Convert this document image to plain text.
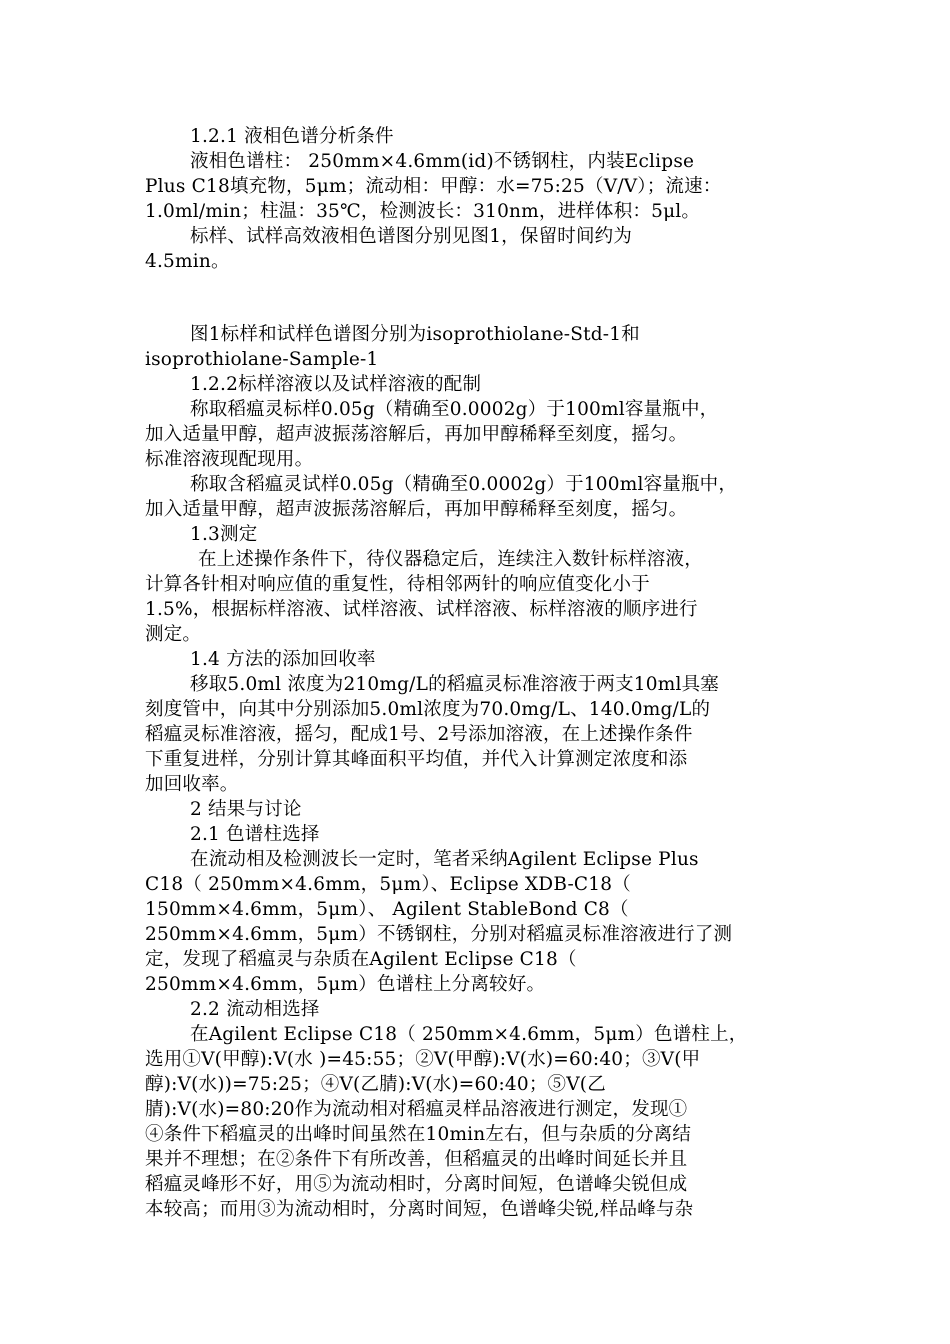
1.2.1 液相色谱分析条件
液相色谱柱： 250mm×4.6mm(id)不锈钢柱，内装Eclipse
Plus C18填充物，5μm；流动相：甲醇：水=75:25（V/V）；流速：
1.0ml/min；柱温：35℃，检测波长：310nm，进样体积：5μl。
标样、试样高效液相色谱图分别见图1，保留时间约为
4.5min。
图1标样和试样色谱图分别为isoprothiolane-Std-1和
isoprothiolane-Sample-1
1.2.2标样溶液以及试样溶液的配制
称取稻瘟灵标样0.05g（精确至0.0002g）于100ml容量瓶中，
加入适量甲醇，超声波振荡溶解后，再加甲醇稀释至刻度，摇匀。
标准溶液现配现用。
称取含稻瘟灵试样0.05g（精确至0.0002g）于100ml容量瓶中，
加入适量甲醇，超声波振荡溶解后，再加甲醇稀释至刻度，摇匀。
1.3测定
在上述操作条件下，待仪器稳定后，连续注入数针标样溶液，
计算各针相对响应值的重复性，待相邻两针的响应值变化小于
1.5%，根据标样溶液、试样溶液、试样溶液、标样溶液的顺序进行
测定。
1.4 方法的添加回收率
移取5.0ml 浓度为210mg/L的稻瘟灵标准溶液于两支10ml具塞
刻度管中，向其中分别添加5.0ml浓度为70.0mg/L、140.0mg/L的
稻瘟灵标准溶液，摇匀，配成1号、2号添加溶液，在上述操作条件
下重复进样，分别计算其峰面积平均值，并代入计算测定浓度和添
加回收率。
2 结果与讨论
2.1 色谱柱选择
在流动相及检测波长一定时，笔者采纳Agilent Eclipse Plus
C18（ 250mm×4.6mm，5μm）、Eclipse XDB-C18（
150mm×4.6mm，5μm）、 Agilent StableBond C8（
250mm×4.6mm，5μm）不锈钢柱，分别对稻瘟灵标准溶液进行了测
定，发现了稻瘟灵与杂质在Agilent Eclipse C18（
250mm×4.6mm，5μm）色谱柱上分离较好。
2.2 流动相选择
在Agilent Eclipse C18（ 250mm×4.6mm，5μm）色谱柱上，
选用①V(甲醇):V(水 )=45:55；②V(甲醇):V(水)=60:40；③V(甲
醇):V(水))=75:25；④V(乙腈):V(水)=60:40；⑤V(乙
腈):V(水)=80:20作为流动相对稻瘟灵样品溶液进行测定，发现①
④条件下稻瘟灵的出峰时间虽然在10min左右，但与杂质的分离结
果并不理想；在②条件下有所改善，但稻瘟灵的出峰时间延长并且
稻瘟灵峰形不好，用⑤为流动相时，分离时间短，色谱峰尖锐但成
本较高；而用③为流动相时，分离时间短，色谱峰尖锐,样品峰与杂
